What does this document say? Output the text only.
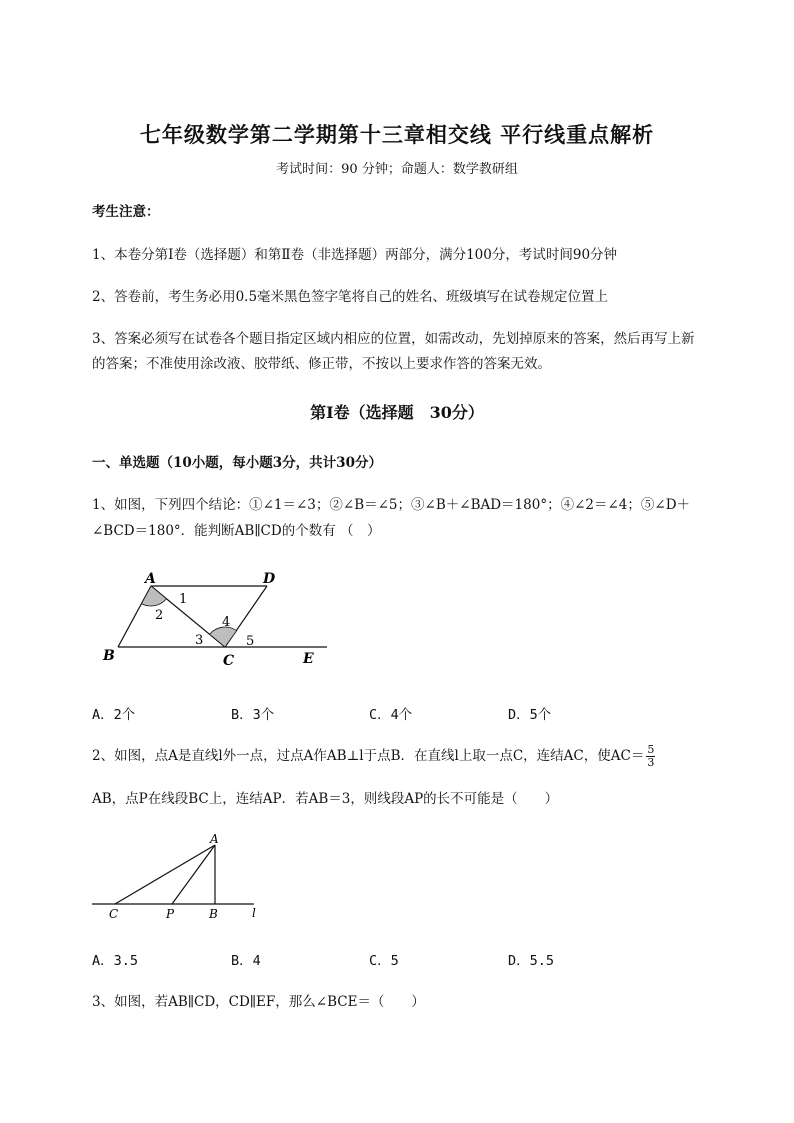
七年级数学第二学期第十三章相交线 平行线重点解析
考试时间：90 分钟；命题人：数学教研组
考生注意：
1、本卷分第Ⅰ卷（选择题）和第Ⅱ卷（非选择题）两部分，满分100分，考试时间90分钟
2、答卷前，考生务必用0.5毫米黑色签字笔将自己的姓名、班级填写在试卷规定位置上
3、答案必须写在试卷各个题目指定区域内相应的位置，如需改动，先划掉原来的答案，然后再写上新
的答案；不准使用涂改液、胶带纸、修正带，不按以上要求作答的答案无效。
第Ⅰ卷（选择题　30分）
一、单选题（10小题，每小题3分，共计30分）
1、如图，下列四个结论：①∠1＝∠3；②∠B＝∠5；③∠B＋∠BAD＝180°；④∠2＝∠4；⑤∠D＋
∠BCD＝180°．能判断AB∥CD的个数有 （　）
A	D
B	C	E
1
2
3
4
5
A．2个	B．3个	C．4个	D．5个
2、如图，点A是直线l外一点，过点A作AB⊥l于点B．在直线l上取一点C，连结AC，使$AC= \frac{5}{3}$
AB，点P在线段BC上，连结AP．若AB＝3，则线段AP的长不可能是（　　）
A
C	P	B	l
A．3.5	B．4	C．5	D．5.5
3、如图，若AB∥CD，CD∥EF，那么∠BCE＝（　　）
